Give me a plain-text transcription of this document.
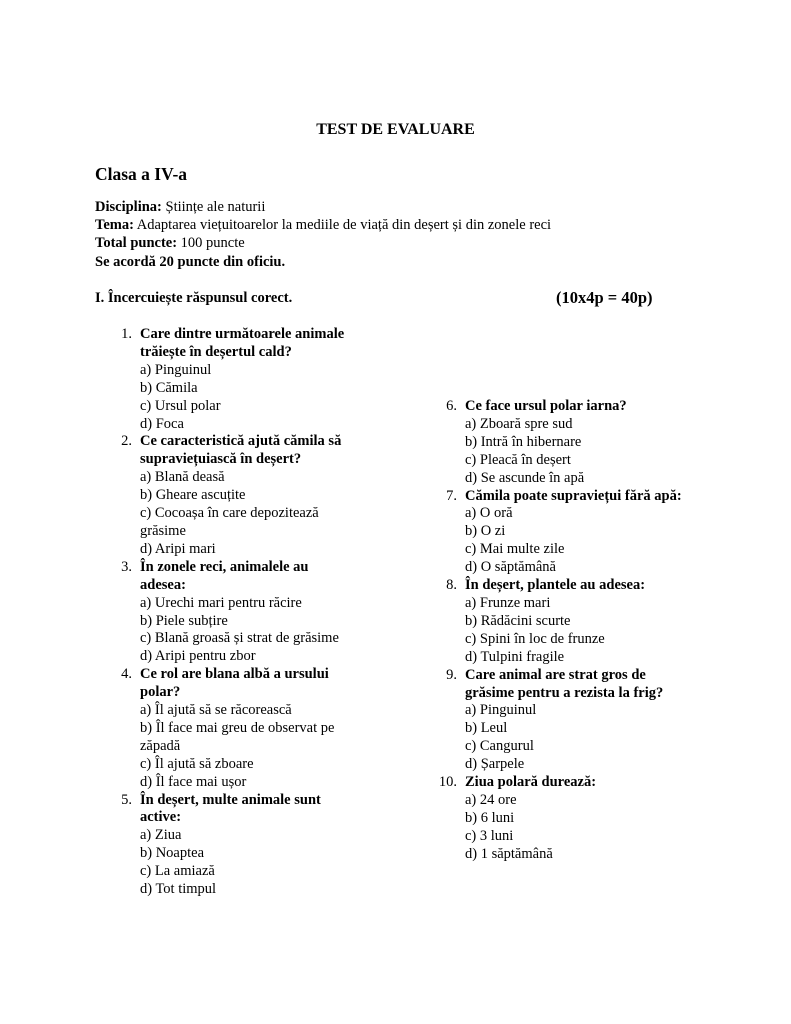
TEST DE EVALUARE
Clasa a IV-a
Disciplina: Științe ale naturii
Tema: Adaptarea viețuitoarelor la mediile de viață din deșert și din zonele reci
Total puncte: 100 puncte
Se acordă 20 puncte din oficiu.
I. Încercuiește răspunsul corect.	(10x4p = 40p)
1. Care dintre următoarele animale
trăiește în deșertul cald?
a) Pinguinul
b) Cămila
c) Ursul polar
d) Foca
2. Ce caracteristică ajută cămila să
supraviețuiască în deșert?
a) Blană deasă
b) Gheare ascuțite
c) Cocoașa în care depozitează
grăsime
d) Aripi mari
3. În zonele reci, animalele au
adesea:
a) Urechi mari pentru răcire
b) Piele subțire
c) Blană groasă și strat de grăsime
d) Aripi pentru zbor
4. Ce rol are blana albă a ursului
polar?
a) Îl ajută să se răcorească
b) Îl face mai greu de observat pe
zăpadă
c) Îl ajută să zboare
d) Îl face mai ușor
5. În deșert, multe animale sunt
active:
a) Ziua
b) Noaptea
c) La amiază
d) Tot timpul
6. Ce face ursul polar iarna?
a) Zboară spre sud
b) Intră în hibernare
c) Pleacă în deșert
d) Se ascunde în apă
7. Cămila poate supraviețui fără apă:
a) O oră
b) O zi
c) Mai multe zile
d) O săptămână
8. În deșert, plantele au adesea:
a) Frunze mari
b) Rădăcini scurte
c) Spini în loc de frunze
d) Tulpini fragile
9. Care animal are strat gros de
grăsime pentru a rezista la frig?
a) Pinguinul
b) Leul
c) Cangurul
d) Șarpele
10. Ziua polară durează:
a) 24 ore
b) 6 luni
c) 3 luni
d) 1 săptămână
